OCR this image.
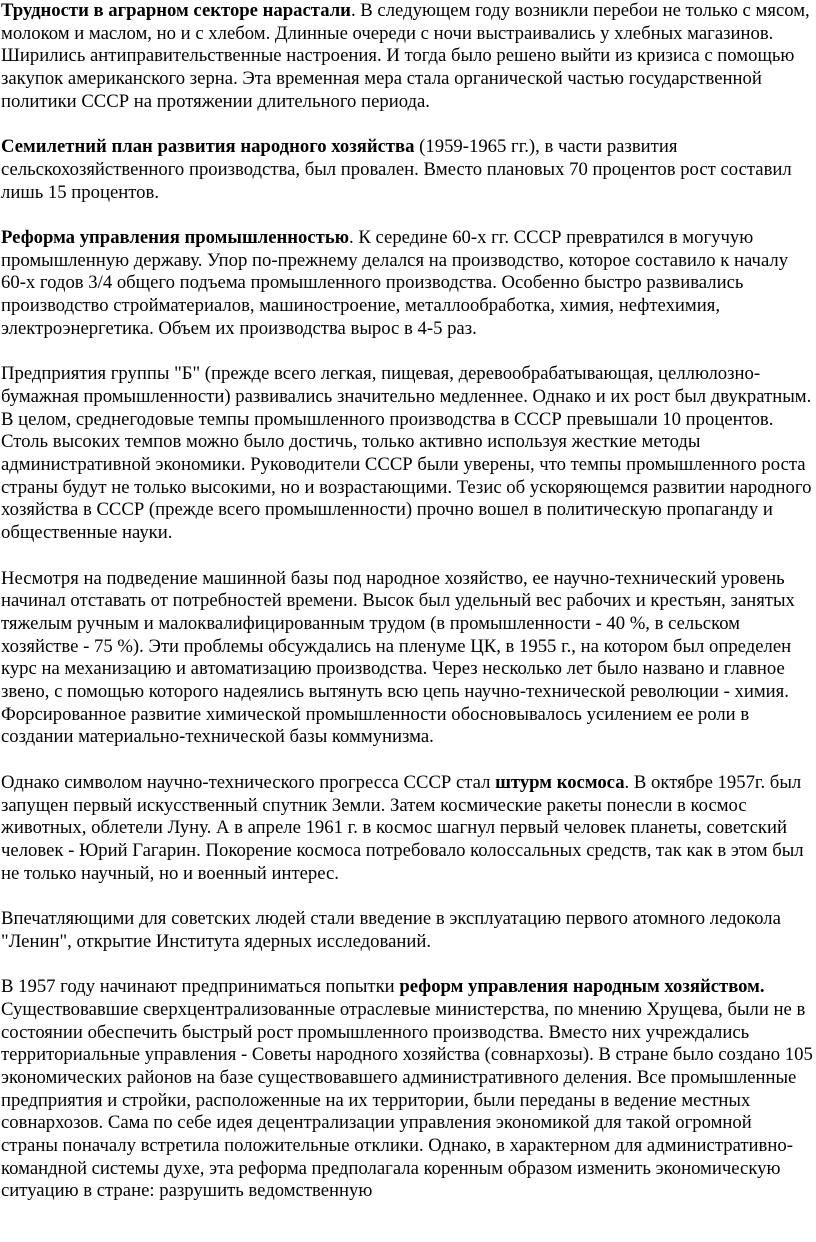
Трудности в аграрном секторе нарастали. В следующем году возникли перебои не только с мясом, молоком и маслом, но и с хлебом. Длинные очереди с ночи выстраивались у хлебных магазинов. Ширились антиправительственные настроения. И тогда было решено выйти из кризиса с помощью закупок американского зерна. Эта временная мера стала органической частью государственной политики СССР на протяжении длительного периода.

Семилетний план развития народного хозяйства (1959-1965 гг.), в части развития сельскохозяйственного производства, был провален. Вместо плановых 70 процентов рост составил лишь 15 процентов.

Реформа управления промышленностью. К середине 60-х гг. СССР превратился в могучую промышленную державу. Упор по-прежнему делался на производство, которое составило к началу 60-х годов 3/4 общего подъема промышленного производства. Особенно быстро развивались производство стройматериалов, машиностроение, металлообработка, химия, нефтехимия, электроэнергетика. Объем их производства вырос в 4-5 раз.

Предприятия группы "Б" (прежде всего легкая, пищевая, деревообрабатывающая, целлюлозно-бумажная промышленности) развивались значительно медленнее. Однако и их рост был двукратным. В целом, среднегодовые темпы промышленного производства в СССР превышали 10 процентов. Столь высоких темпов можно было достичь, только активно используя жесткие методы административной экономики. Руководители СССР были уверены, что темпы промышленного роста страны будут не только высокими, но и возрастающими. Тезис об ускоряющемся развитии народного хозяйства в СССР (прежде всего промышленности) прочно вошел в политическую пропаганду и общественные науки.

Несмотря на подведение машинной базы под народное хозяйство, ее научно-технический уровень начинал отставать от потребностей времени. Высок был удельный вес рабочих и крестьян, занятых тяжелым ручным и малоквалифицированным трудом (в промышленности - 40 %, в сельском хозяйстве - 75 %). Эти проблемы обсуждались на пленуме ЦК, в 1955 г., на котором был определен курс на механизацию и автоматизацию производства. Через несколько лет было названо и главное звено, с помощью которого надеялись вытянуть всю цепь научно-технической революции - химия. Форсированное развитие химической промышленности обосновывалось усилением ее роли в создании материально-технической базы коммунизма.

Однако символом научно-технического прогресса СССР стал штурм космоса. В октябре 1957г. был запущен первый искусственный спутник Земли. Затем космические ракеты понесли в космос животных, облетели Луну. А в апреле 1961 г. в космос шагнул первый человек планеты, советский человек - Юрий Гагарин. Покорение космоса потребовало колоссальных средств, так как в этом был не только научный, но и военный интерес.

Впечатляющими для советских людей стали введение в эксплуатацию первого атомного ледокола "Ленин", открытие Института ядерных исследований.

В 1957 году начинают предприниматься попытки реформ управления народным хозяйством. Существовавшие сверхцентрализованные отраслевые министерства, по мнению Хрущева, были не в состоянии обеспечить быстрый рост промышленного производства. Вместо них учреждались территориальные управления - Советы народного хозяйства (совнархозы). В стране было создано 105 экономических районов на базе существовавшего административного деления. Все промышленные предприятия и стройки, расположенные на их территории, были переданы в ведение местных совнархозов. Сама по себе идея децентрализации управления экономикой для такой огромной страны поначалу встретила положительные отклики. Однако, в характерном для административно- командной системы духе, эта реформа предполагала коренным образом изменить экономическую ситуацию в стране: разрушить ведомственную
